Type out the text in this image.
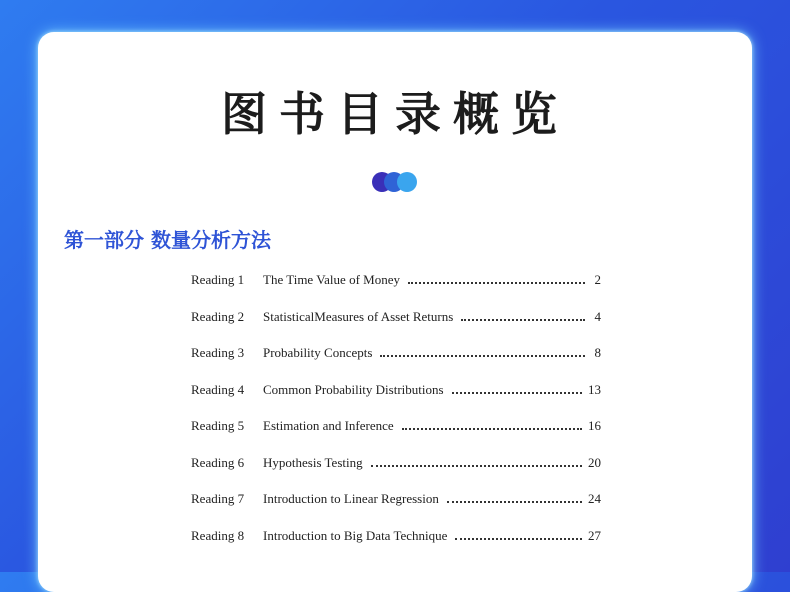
图书目录概览
第一部分 数量分析方法
Reading 1	The Time Value of Money	2
Reading 2	StatisticalMeasures of Asset Returns	4
Reading 3	Probability Concepts	8
Reading 4	Common Probability Distributions	13
Reading 5	Estimation and Inference	16
Reading 6	Hypothesis Testing	20
Reading 7	Introduction to Linear Regression	24
Reading 8	Introduction to Big Data Technique	27
